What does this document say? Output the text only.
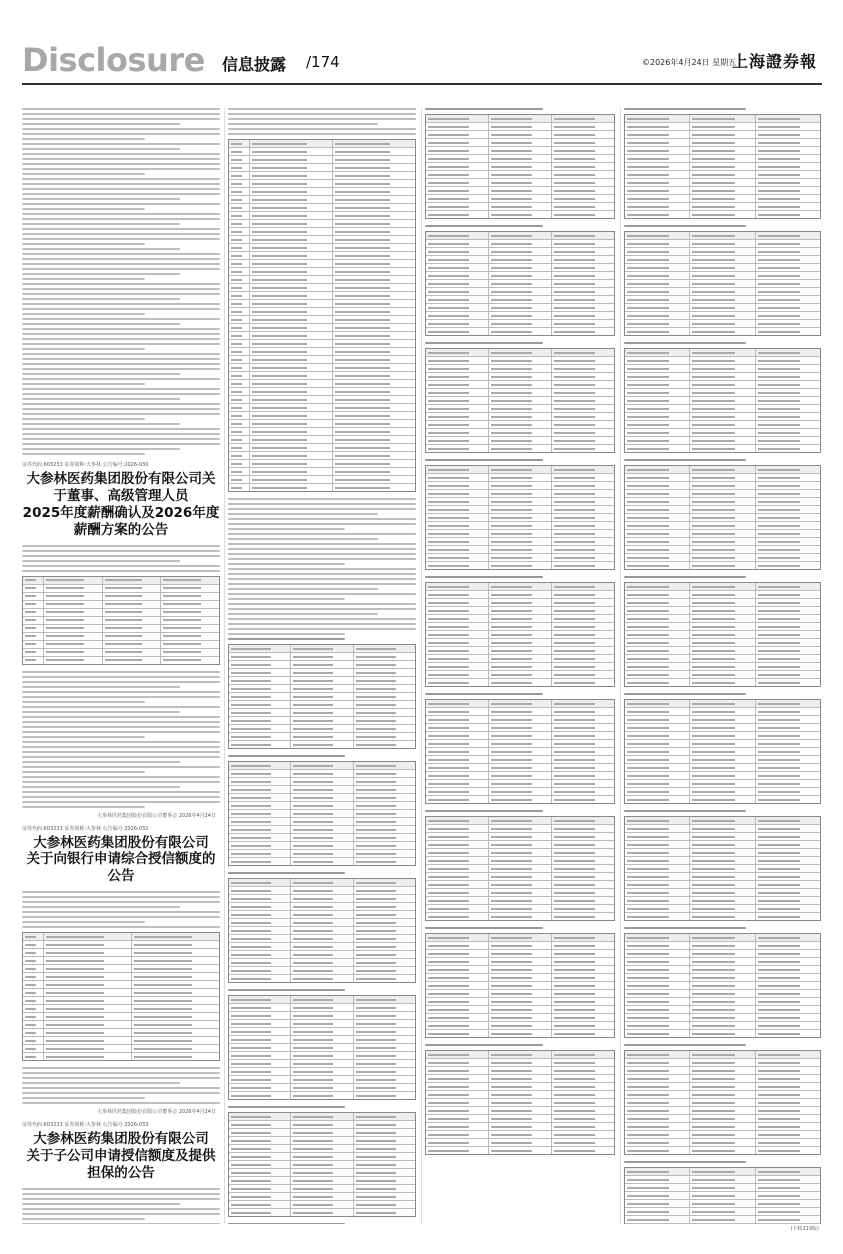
Disclosure 信息披露 /174	©2026年4月24日 星期五
上海證券報
证券代码:603233 证券简称:大参林 公告编号:2026-030
大参林医药集团股份有限公司关于董事、高级管理人员
2025年度薪酬确认及2026年度薪酬方案的公告
大参林医药集团股份有限公司董事会 2026年4月24日
证券代码:603233 证券简称:大参林 公告编号:2026-032
大参林医药集团股份有限公司
关于向银行申请综合授信额度的公告
大参林医药集团股份有限公司董事会 2026年4月24日
证券代码:603233 证券简称:大参林 公告编号:2026-033
大参林医药集团股份有限公司
关于子公司申请授信额度及提供担保的公告
(下转219版)
